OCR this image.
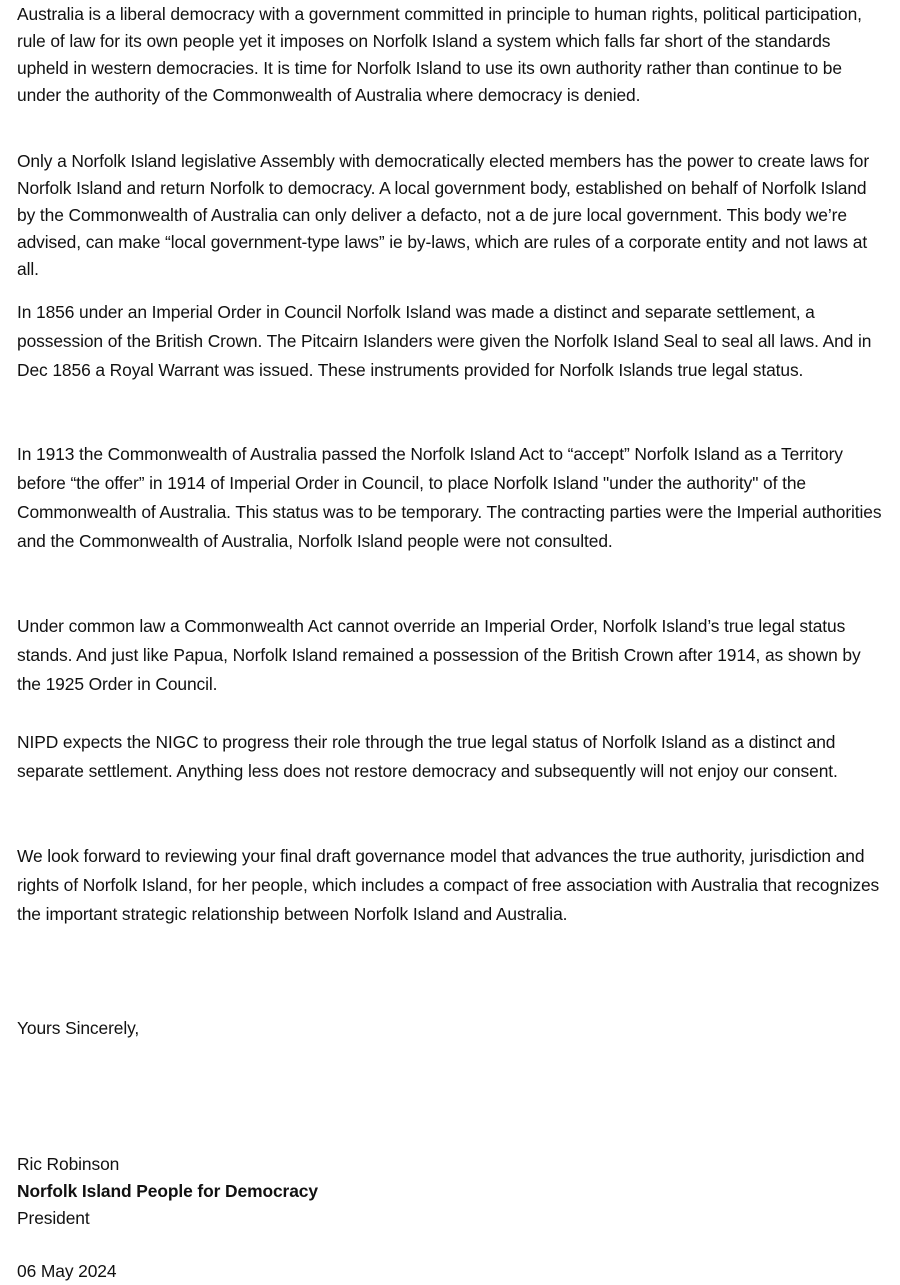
Australia is a liberal democracy with a government committed in principle to human rights, political participation, rule of law for its own people yet it imposes on Norfolk Island a system which falls far short of the standards upheld in western democracies. It is time for Norfolk Island to use its own authority rather than continue to be under the authority of the Commonwealth of Australia where democracy is denied.

Only a Norfolk Island legislative Assembly with democratically elected members has the power to create laws for Norfolk Island and return Norfolk to democracy. A local government body, established on behalf of Norfolk Island by the Commonwealth of Australia can only deliver a defacto, not a de jure local government. This body we’re advised, can make “local government-type laws” ie by-laws, which are rules of a corporate entity and not laws at all.

In 1856 under an Imperial Order in Council Norfolk Island was made a distinct and separate settlement, a possession of the British Crown. The Pitcairn Islanders were given the Norfolk Island Seal to seal all laws. And in Dec 1856 a Royal Warrant was issued. These instruments provided for Norfolk Islands true legal status.

In 1913 the Commonwealth of Australia passed the Norfolk Island Act to “accept” Norfolk Island as a Territory before “the offer” in 1914 of Imperial Order in Council, to place Norfolk Island "under the authority" of the Commonwealth of Australia. This status was to be temporary. The contracting parties were the Imperial authorities and the Commonwealth of Australia, Norfolk Island people were not consulted.

Under common law a Commonwealth Act cannot override an Imperial Order, Norfolk Island’s true legal status stands. And just like Papua, Norfolk Island remained a possession of the British Crown after 1914, as shown by the 1925 Order in Council.

NIPD expects the NIGC to progress their role through the true legal status of Norfolk Island as a distinct and separate settlement. Anything less does not restore democracy and subsequently will not enjoy our consent.

We look forward to reviewing your final draft governance model that advances the true authority, jurisdiction and rights of Norfolk Island, for her people, which includes a compact of free association with Australia that recognizes the important strategic relationship between Norfolk Island and Australia.

Yours Sincerely,

Ric Robinson

Norfolk Island People for Democracy

President

06 May 2024
